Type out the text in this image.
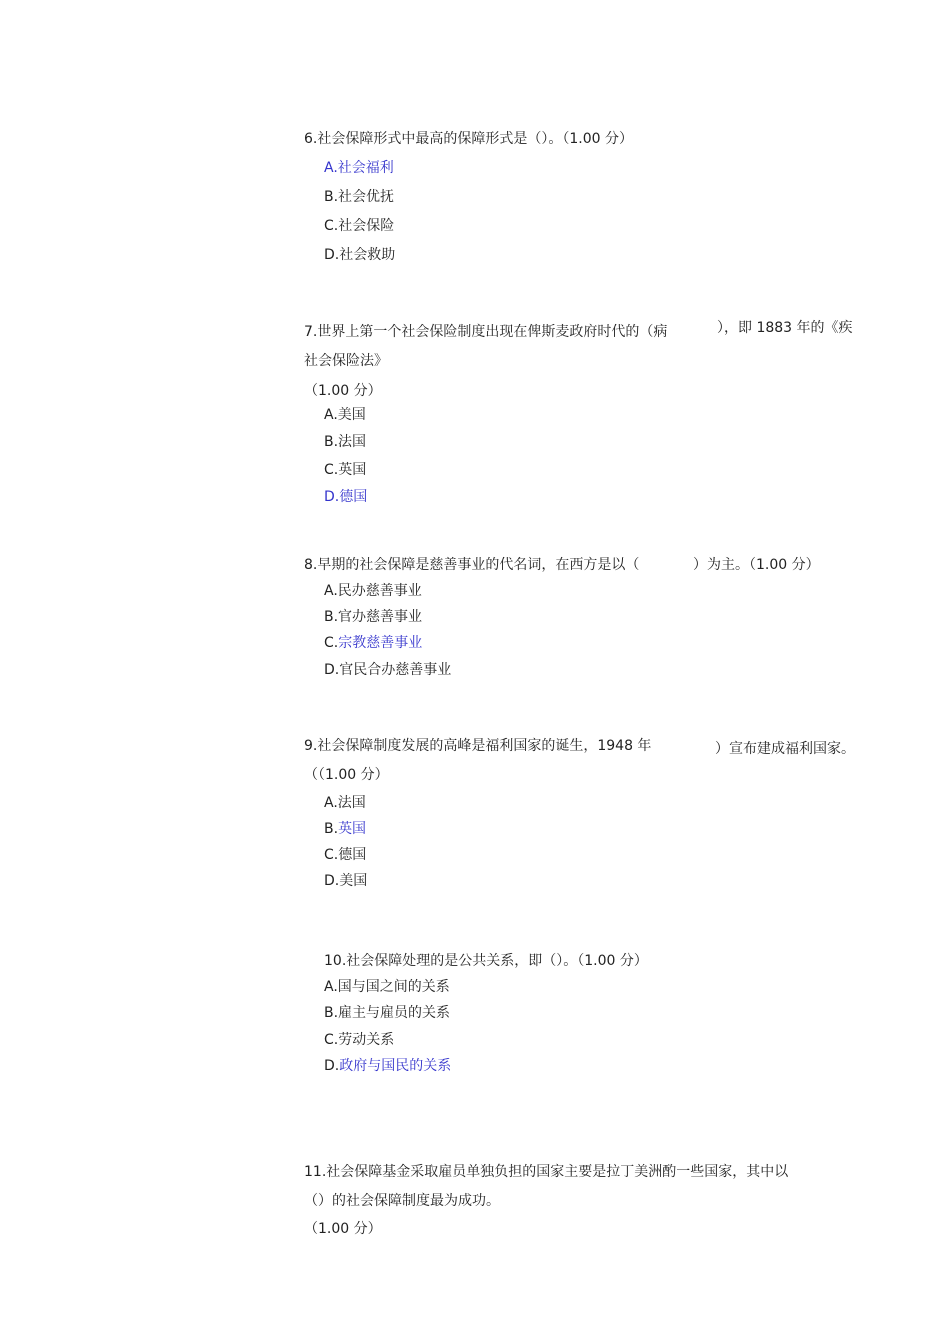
6.社会保障形式中最高的保障形式是（）。（1.00 分）
A.社会福利
B.社会优抚
C.社会保险
D.社会救助
7.世界上第一个社会保险制度出现在俾斯麦政府时代的（病	），即 1883 年的《疾
社会保险法》
（1.00 分）
A.美国
B.法国
C.英国
D.德国
8.早期的社会保障是慈善事业的代名词，在西方是以（	）为主。（1.00 分）
A.民办慈善事业
B.官办慈善事业
C.宗教慈善事业
D.官民合办慈善事业
9.社会保障制度发展的高峰是福利国家的诞生，1948 年	）宣布建成福利国家。
（（1.00 分）
A.法国
B.英国
C.德国
D.美国
10.社会保障处理的是公共关系，即（）。（1.00 分）
A.国与国之间的关系
B.雇主与雇员的关系
C.劳动关系
D.政府与国民的关系
11.社会保障基金采取雇员单独负担的国家主要是拉丁美洲酌一些国家，其中以
（）的社会保障制度最为成功。
（1.00 分）
